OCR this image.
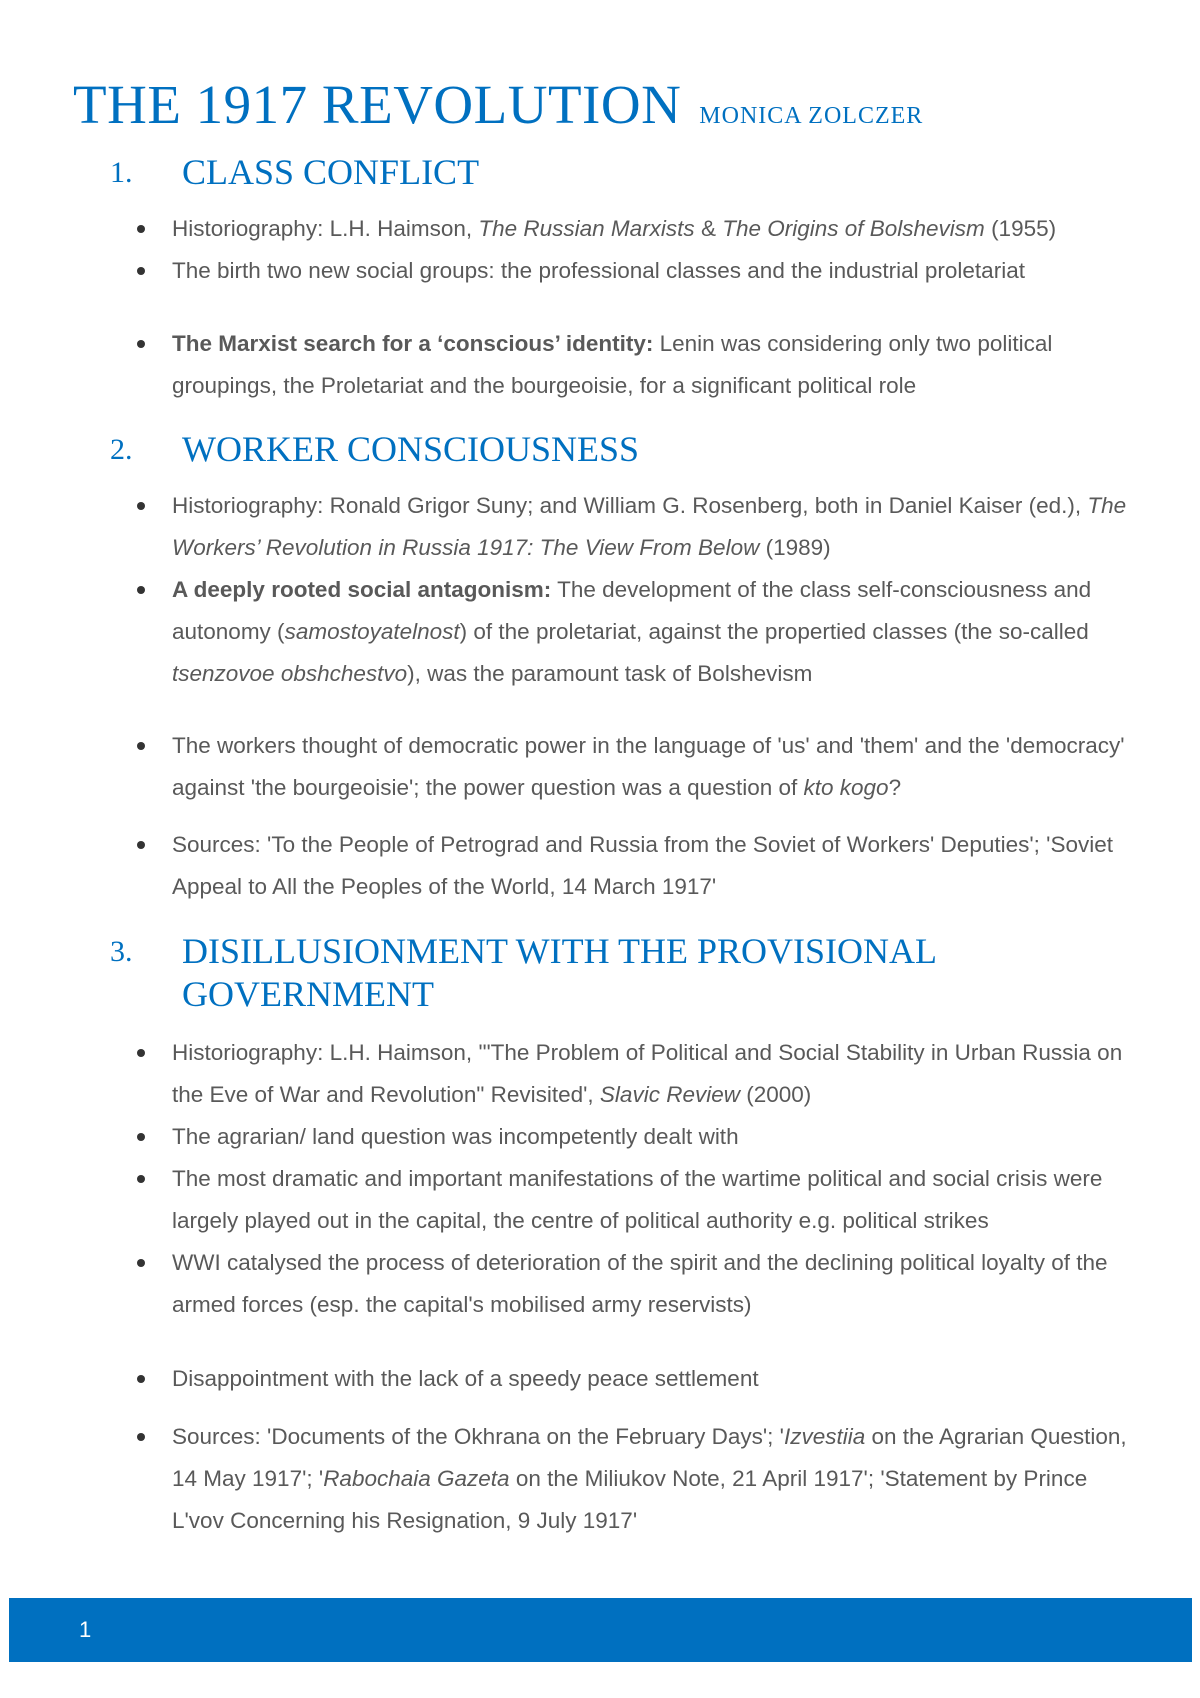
THE 1917 REVOLUTION MONICA ZOLCZER
1.	CLASS CONFLICT
Historiography: L.H. Haimson, The Russian Marxists & The Origins of Bolshevism (1955)
The birth two new social groups: the professional classes and the industrial proletariat
The Marxist search for a ‘conscious’ identity: Lenin was considering only two political groupings, the Proletariat and the bourgeoisie, for a significant political role
2.	WORKER CONSCIOUSNESS
Historiography: Ronald Grigor Suny; and William G. Rosenberg, both in Daniel Kaiser (ed.), The Workers’ Revolution in Russia 1917: The View From Below (1989)
A deeply rooted social antagonism: The development of the class self-consciousness and autonomy (samostoyatelnost) of the proletariat, against the propertied classes (the so-called tsenzovoe obshchestvo), was the paramount task of Bolshevism
The workers thought of democratic power in the language of 'us' and 'them' and the 'democracy' against 'the bourgeoisie'; the power question was a question of kto kogo?
Sources: 'To the People of Petrograd and Russia from the Soviet of Workers' Deputies'; 'Soviet Appeal to All the Peoples of the World, 14 March 1917'
3.	DISILLUSIONMENT WITH THE PROVISIONAL GOVERNMENT
Historiography: L.H. Haimson, '"The Problem of Political and Social Stability in Urban Russia on the Eve of War and Revolution" Revisited', Slavic Review (2000)
The agrarian/ land question was incompetently dealt with
The most dramatic and important manifestations of the wartime political and social crisis were largely played out in the capital, the centre of political authority e.g. political strikes
WWI catalysed the process of deterioration of the spirit and the declining political loyalty of the armed forces (esp. the capital's mobilised army reservists)
Disappointment with the lack of a speedy peace settlement
Sources: 'Documents of the Okhrana on the February Days'; 'Izvestiia on the Agrarian Question, 14 May 1917'; 'Rabochaia Gazeta on the Miliukov Note, 21 April 1917'; 'Statement by Prince L'vov Concerning his Resignation, 9 July 1917'
1
